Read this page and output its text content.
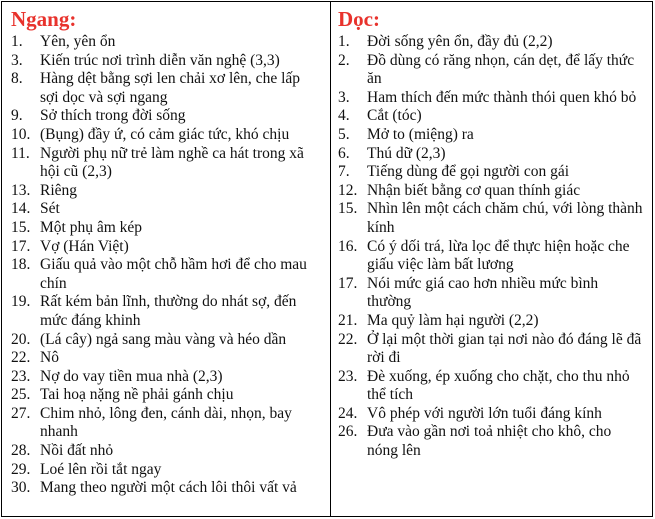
Ngang:
1.	Yên, yên ổn
3.	Kiến trúc nơi trình diễn văn nghệ (3,3)
8.	Hàng dệt bằng sợi len chải xơ lên, che lấp sợi dọc và sợi ngang
9.	Sở thích trong đời sống
10. (Bụng) đầy ứ, có cảm giác tức, khó chịu
11. Người phụ nữ trẻ làm nghề ca hát trong xã hội cũ (2,3)
13. Riêng
14. Sét
15. Một phụ âm kép
17. Vợ (Hán Việt)
18. Giấu quả vào một chỗ hầm hơi để cho mau chín
19. Rất kém bản lĩnh, thường do nhát sợ, đến mức đáng khinh
20. (Lá cây) ngả sang màu vàng và héo dần
22. Nô
23. Nợ do vay tiền mua nhà (2,3)
25. Tai hoạ nặng nề phải gánh chịu
27. Chim nhỏ, lông đen, cánh dài, nhọn, bay nhanh
28. Nồi đất nhỏ
29. Loé lên rồi tắt ngay
30. Mang theo người một cách lôi thôi vất vả
Dọc:
1.	Đời sống yên ổn, đầy đủ (2,2)
2.	Đồ dùng có răng nhọn, cán dẹt, để lấy thức ăn
3.	Ham thích đến mức thành thói quen khó bỏ
4.	Cắt (tóc)
5.	Mở to (miệng) ra
6.	Thú dữ (2,3)
7.	Tiếng dùng để gọi người con gái
12. Nhận biết bằng cơ quan thính giác
15. Nhìn lên một cách chăm chú, với lòng thành kính
16. Có ý dối trá, lừa lọc để thực hiện hoặc che giấu việc làm bất lương
17. Nói mức giá cao hơn nhiều mức bình thường
21. Ma quỷ làm hại người (2,2)
22. Ở lại một thời gian tại nơi nào đó đáng lẽ đã rời đi
23. Đè xuống, ép xuống cho chặt, cho thu nhỏ thể tích
24. Vô phép với người lớn tuổi đáng kính
26. Đưa vào gần nơi toả nhiệt cho khô, cho nóng lên
